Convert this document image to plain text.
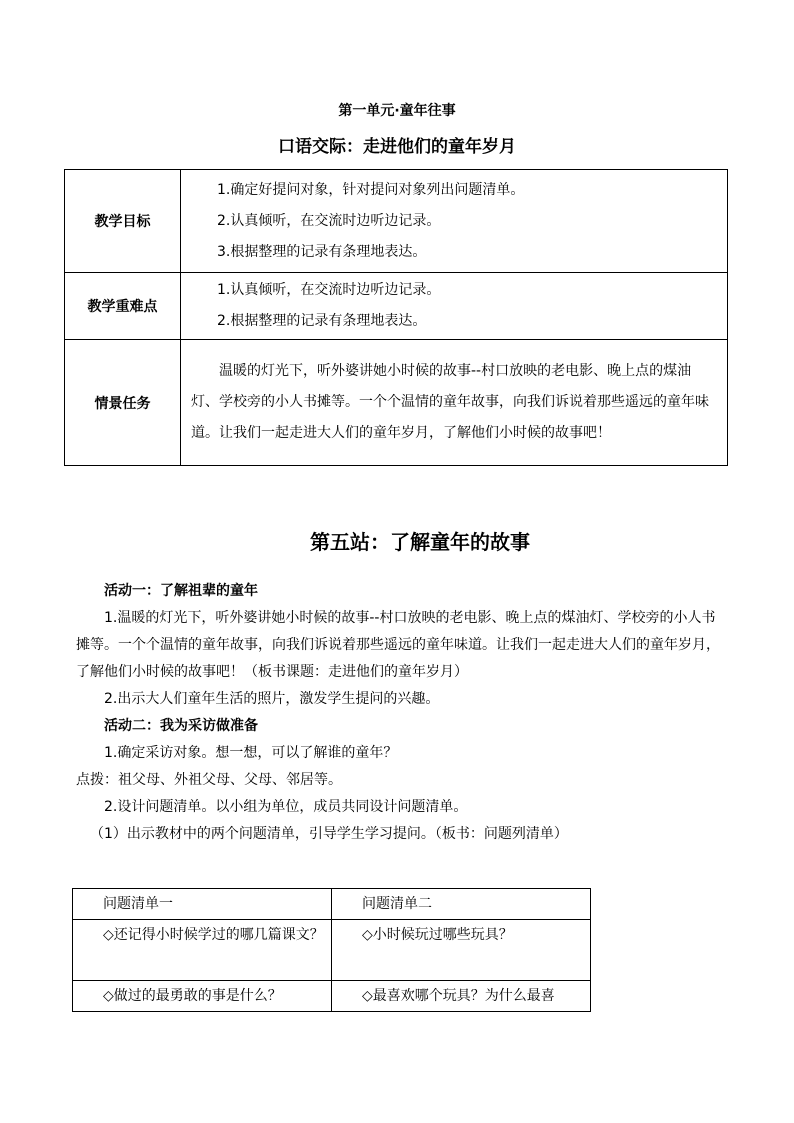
第一单元·童年往事
口语交际：走进他们的童年岁月
教学目标	1.确定好提问对象，针对提问对象列出问题清单。
2.认真倾听，在交流时边听边记录。
3.根据整理的记录有条理地表达。

教学重难点	1.认真倾听，在交流时边听边记录。
2.根据整理的记录有条理地表达。

情景任务	温暖的灯光下，听外婆讲她小时候的故事--村口放映的老电影、晚上点的煤油灯、学校旁的小人书摊等。一个个温情的童年故事，向我们诉说着那些遥远的童年味道。让我们一起走进大人们的童年岁月，了解他们小时候的故事吧！
第五站：了解童年的故事
活动一：了解祖辈的童年
1.温暖的灯光下，听外婆讲她小时候的故事--村口放映的老电影、晚上点的煤油灯、学校旁的小人书摊等。一个个温情的童年故事，向我们诉说着那些遥远的童年味道。让我们一起走进大人们的童年岁月，了解他们小时候的故事吧！（板书课题：走进他们的童年岁月）
2.出示大人们童年生活的照片，激发学生提问的兴趣。
活动二：我为采访做准备
1.确定采访对象。想一想，可以了解谁的童年？
点拨：祖父母、外祖父母、父母、邻居等。
2.设计问题清单。以小组为单位，成员共同设计问题清单。
（1）出示教材中的两个问题清单，引导学生学习提问。（板书：问题列清单）
问题清单一	问题清单二

◇还记得小时候学过的哪几篇课文？	◇小时候玩过哪些玩具？

◇做过的最勇敢的事是什么？	◇最喜欢哪个玩具？为什么最喜
